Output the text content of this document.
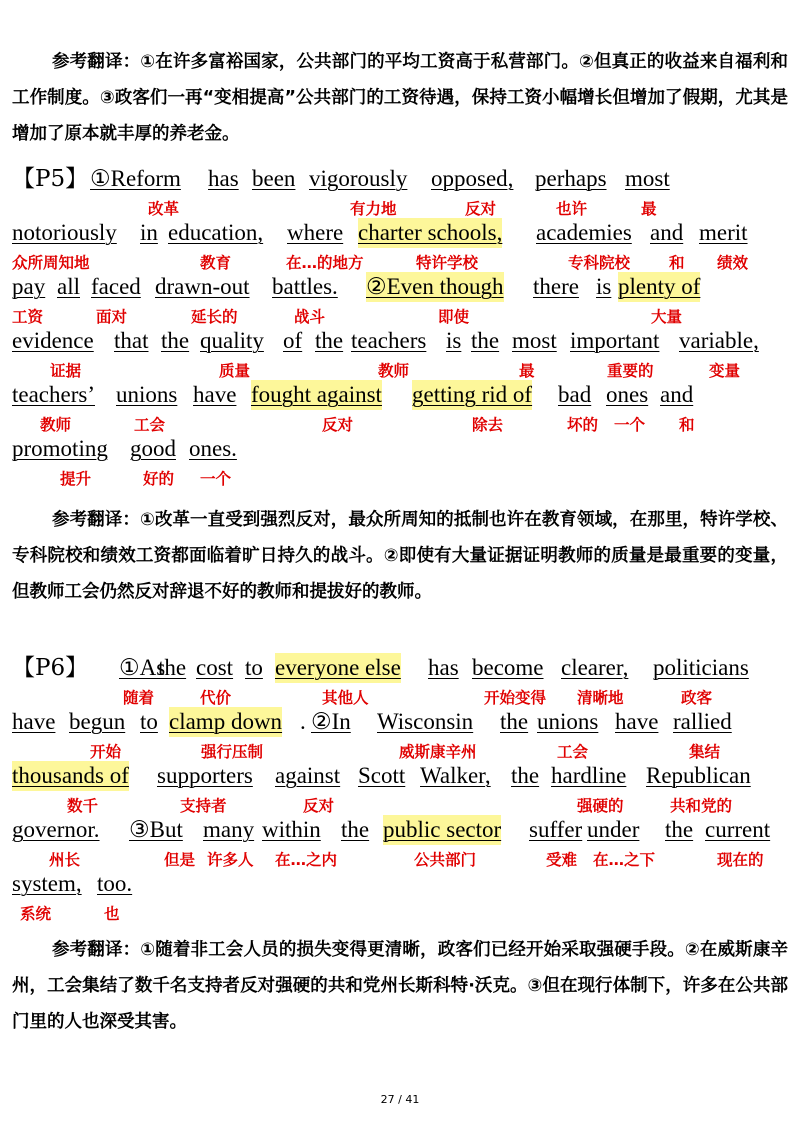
参考翻译：①在许多富裕国家，公共部门的平均工资高于私营部门。②但真正的收益来自福利和工作制度。③政客们一再“变相提高”公共部门的工资待遇，保持工资小幅增长但增加了假期，尤其是增加了原本就丰厚的养老金。
【P5】 ①Reform has been vigorously opposed, perhaps most
改革	有力地	反对	也许	最
notoriously in education, where charter schools, academies and merit
众所周知地	教育	在…的地方	特许学校	专科院校	和 绩效
pay all faced drawn-out battles. ②Even though there is plenty of
工资	面对	延长的	战斗	即使	大量
evidence that the quality of the teachers is the most important variable,
证据	质量	教师	最	重要的	变量
teachers’ unions have fought against getting rid of bad ones and
教师	工会	反对	除去	坏的 一个 和
promoting good ones.
提升	好的 一个
参考翻译：①改革一直受到强烈反对，最众所周知的抵制也许在教育领域，在那里，特许学校、专科院校和绩效工资都面临着旷日持久的战斗。②即使有大量证据证明教师的质量是最重要的变量，但教师工会仍然反对辞退不好的教师和提拔好的教师。
【P6】 ①As
the cost to everyone else has become clearer, politicians
随着	代价	其他人	开始变得 清晰地	政客
have begun to clamp down . ②In Wisconsin the unions have rallied
开始	强行压制	威斯康辛州	工会	集结
thousands of supporters against Scott Walker, the hardline Republican
数千	支持者	反对	强硬的	共和党的
governor. ③But many within the public sector suffer under the current
州长	但是 许多人 在…之内	公共部门	受难 在…之下	现在的
system, too.
系统	也
参考翻译：①随着非工会人员的损失变得更清晰，政客们已经开始采取强硬手段。②在威斯康辛州，工会集结了数千名支持者反对强硬的共和党州长斯科特·沃克。③但在现行体制下，许多在公共部门里的人也深受其害。
27 / 41
